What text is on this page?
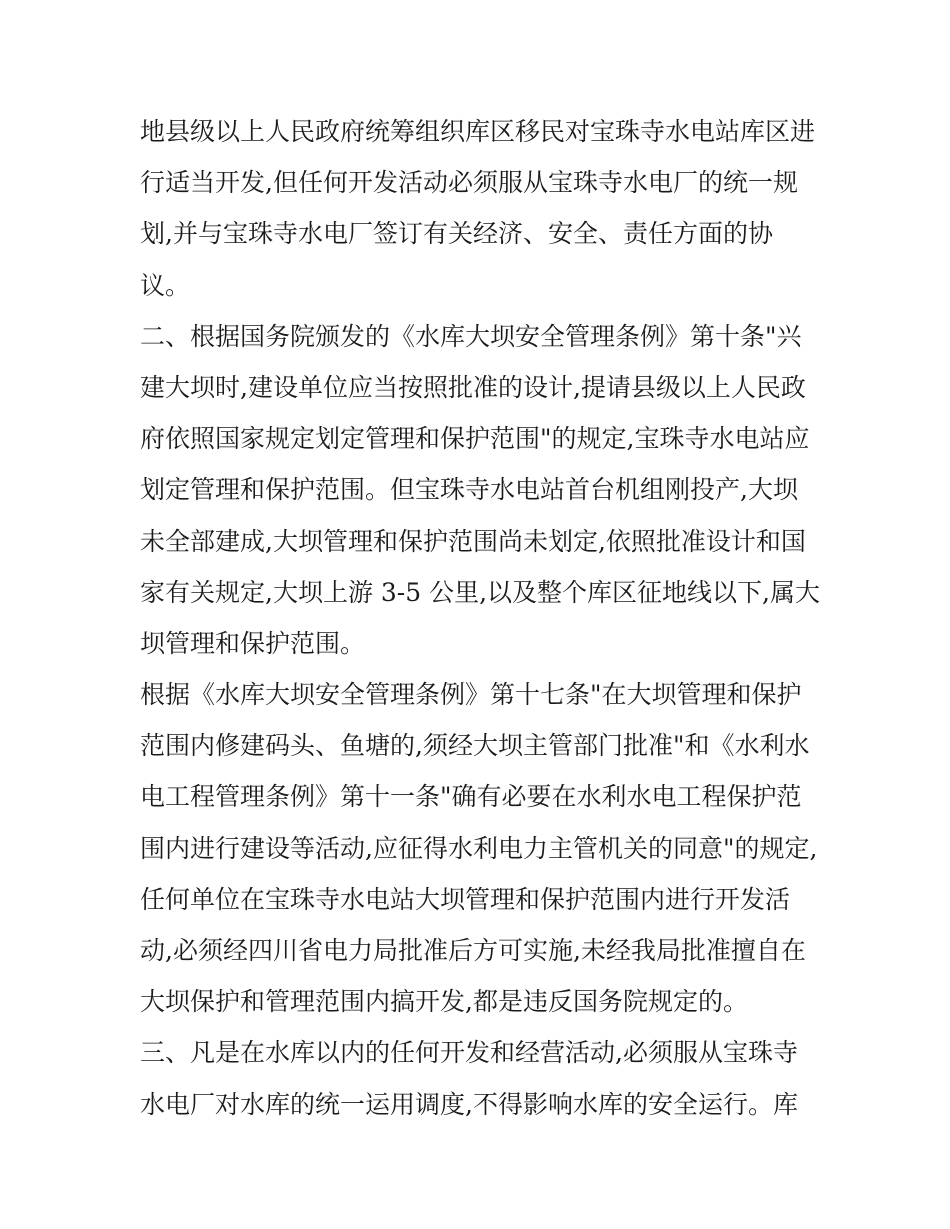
地县级以上人民政府统筹组织库区移民对宝珠寺水电站库区进
行适当开发,但任何开发活动必须服从宝珠寺水电厂的统一规
划,并与宝珠寺水电厂签订有关经济、安全、责任方面的协
议。
二、根据国务院颁发的《水库大坝安全管理条例》第十条"兴
建大坝时,建设单位应当按照批准的设计,提请县级以上人民政
府依照国家规定划定管理和保护范围"的规定,宝珠寺水电站应
划定管理和保护范围。但宝珠寺水电站首台机组刚投产,大坝
未全部建成,大坝管理和保护范围尚未划定,依照批准设计和国
家有关规定,大坝上游 3-5 公里,以及整个库区征地线以下,属大
坝管理和保护范围。
根据《水库大坝安全管理条例》第十七条"在大坝管理和保护
范围内修建码头、鱼塘的,须经大坝主管部门批准"和《水利水
电工程管理条例》第十一条"确有必要在水利水电工程保护范
围内进行建设等活动,应征得水利电力主管机关的同意"的规定,
任何单位在宝珠寺水电站大坝管理和保护范围内进行开发活
动,必须经四川省电力局批准后方可实施,未经我局批准擅自在
大坝保护和管理范围内搞开发,都是违反国务院规定的。
三、凡是在水库以内的任何开发和经营活动,必须服从宝珠寺
水电厂对水库的统一运用调度,不得影响水库的安全运行。库
